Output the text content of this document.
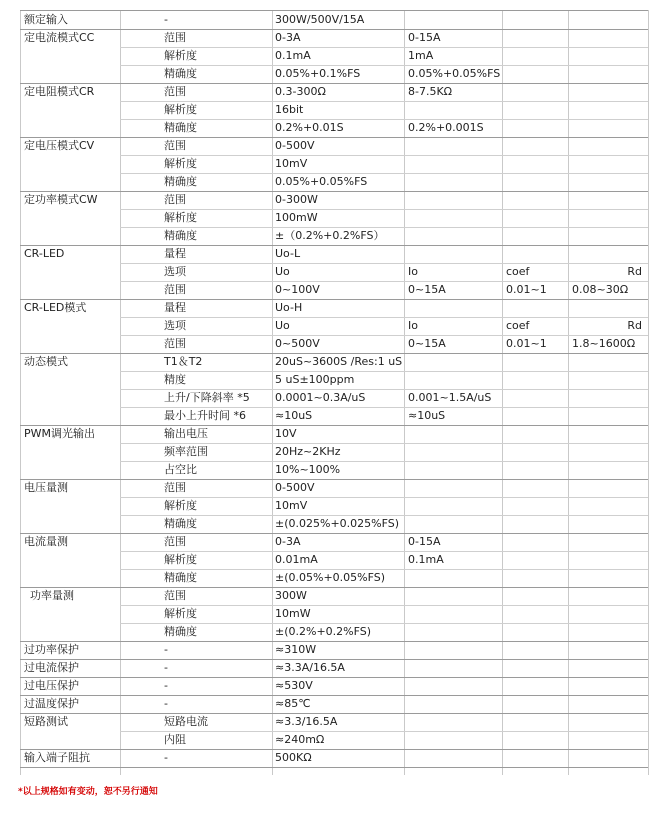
额定输入	-	300W/500V/15A
定电流模式CC	范围	0-3A	0-15A
解析度	0.1mA	1mA
精确度	0.05%+0.1%FS	0.05%+0.05%FS
定电阻模式CR	范围	0.3-300Ω	8-7.5KΩ
解析度	16bit
精确度	0.2%+0.01S	0.2%+0.001S
定电压模式CV	范围	0-500V
解析度	10mV
精确度	0.05%+0.05%FS
定功率模式CW	范围	0-300W
解析度	100mW
精确度	±（0.2%+0.2%FS）
CR-LED	量程	Uo-L
选项	Uo	Io	coef	Rd
范围	0~100V	0~15A	0.01~1	0.08~30Ω
CR-LED模式	量程	Uo-H
选项	Uo	Io	coef	Rd
范围	0~500V	0~15A	0.01~1	1.8~1600Ω
动态模式	T1＆T2	20uS~3600S /Res:1 uS
精度	5 uS±100ppm
上升/下降斜率 *5	0.0001~0.3A/uS	0.001~1.5A/uS
最小上升时间 *6	≈10uS	≈10uS
PWM调光输出	输出电压	10V
频率范围	20Hz~2KHz
占空比	10%~100%
电压量测	范围	0-500V
解析度	10mV
精确度	±(0.025%+0.025%FS)
电流量测	范围	0-3A	0-15A
解析度	0.01mA	0.1mA
精确度	±(0.05%+0.05%FS)
功率量测	范围	300W
解析度	10mW
精确度	±(0.2%+0.2%FS)
过功率保护	-	≈310W
过电流保护	-	≈3.3A/16.5A
过电压保护	-	≈530V
过温度保护	-	≈85℃
短路测试	短路电流	≈3.3/16.5A
内阻	≈240mΩ
输入端子阻抗	-	500KΩ
*以上规格如有变动，恕不另行通知
